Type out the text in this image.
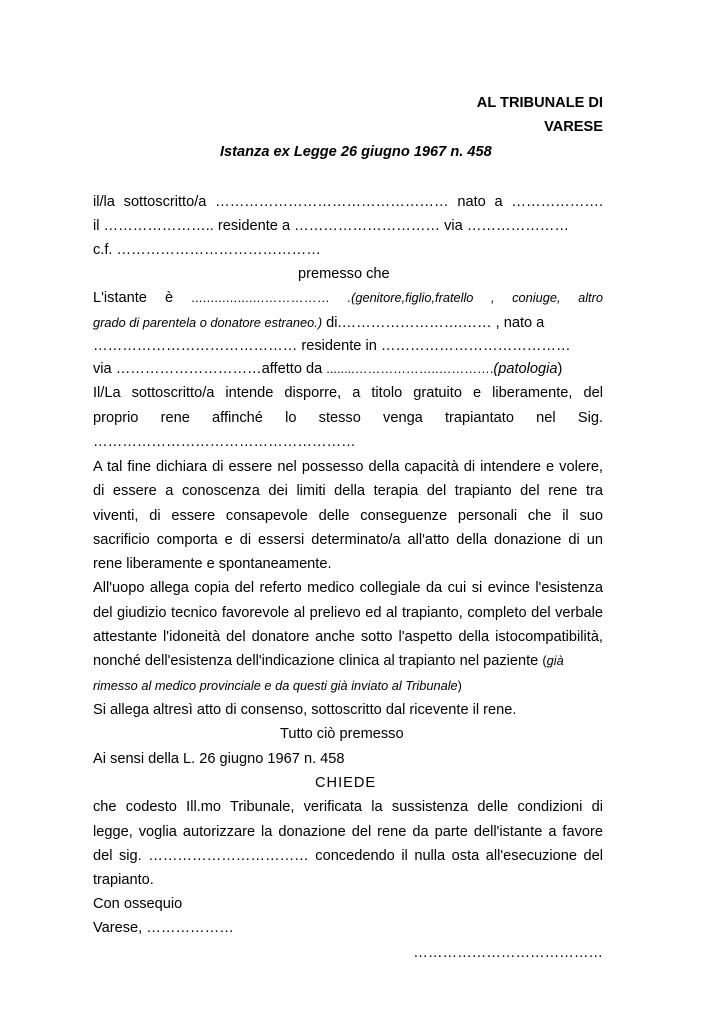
AL TRIBUNALE DI
VARESE
Istanza ex Legge 26 giugno 1967 n. 458
il/la sottoscritto/a ………………………………………… nato a ……………….
il ………………….. residente a ………………………… via …………………
c.f. ……………………………………
premesso che
L'istante è ...................…………… .(genitore,figlio,fratello , coniuge, altro
grado di parentela o donatore estraneo.) di.…………………….…… , nato a
…………………………………… residente in …………………………………
via …………………………affetto da ........………………..………….(patologia)
Il/La sottoscritto/a intende disporre, a titolo gratuito e liberamente, del
proprio rene affinché lo stesso venga trapiantato nel Sig.
………………………………………………
A tal fine dichiara di essere nel possesso della capacità di intendere e volere,
di essere a conoscenza dei limiti della terapia del trapianto del rene tra
viventi, di essere consapevole delle conseguenze personali che il suo
sacrificio comporta e di essersi determinato/a all'atto della donazione di un
rene liberamente e spontaneamente.
All'uopo allega copia del referto medico collegiale da cui si evince l'esistenza
del giudizio tecnico favorevole al prelievo ed al trapianto, completo del verbale
attestante l'idoneità del donatore anche sotto l'aspetto della istocompatibilità,
nonché dell'esistenza dell'indicazione clinica al trapianto nel paziente (già
rimesso al medico provinciale e da questi già inviato al Tribunale)
Si allega altresì atto di consenso, sottoscritto dal ricevente il rene.
Tutto ciò premesso
Ai sensi della L. 26 giugno 1967 n. 458
CHIEDE
che codesto Ill.mo Tribunale, verificata la sussistenza delle condizioni di
legge, voglia autorizzare la donazione del rene da parte dell'istante a favore
del sig. …………………………… concedendo il nulla osta all'esecuzione del
trapianto.
Con ossequio
Varese, ………………
…………………………………
